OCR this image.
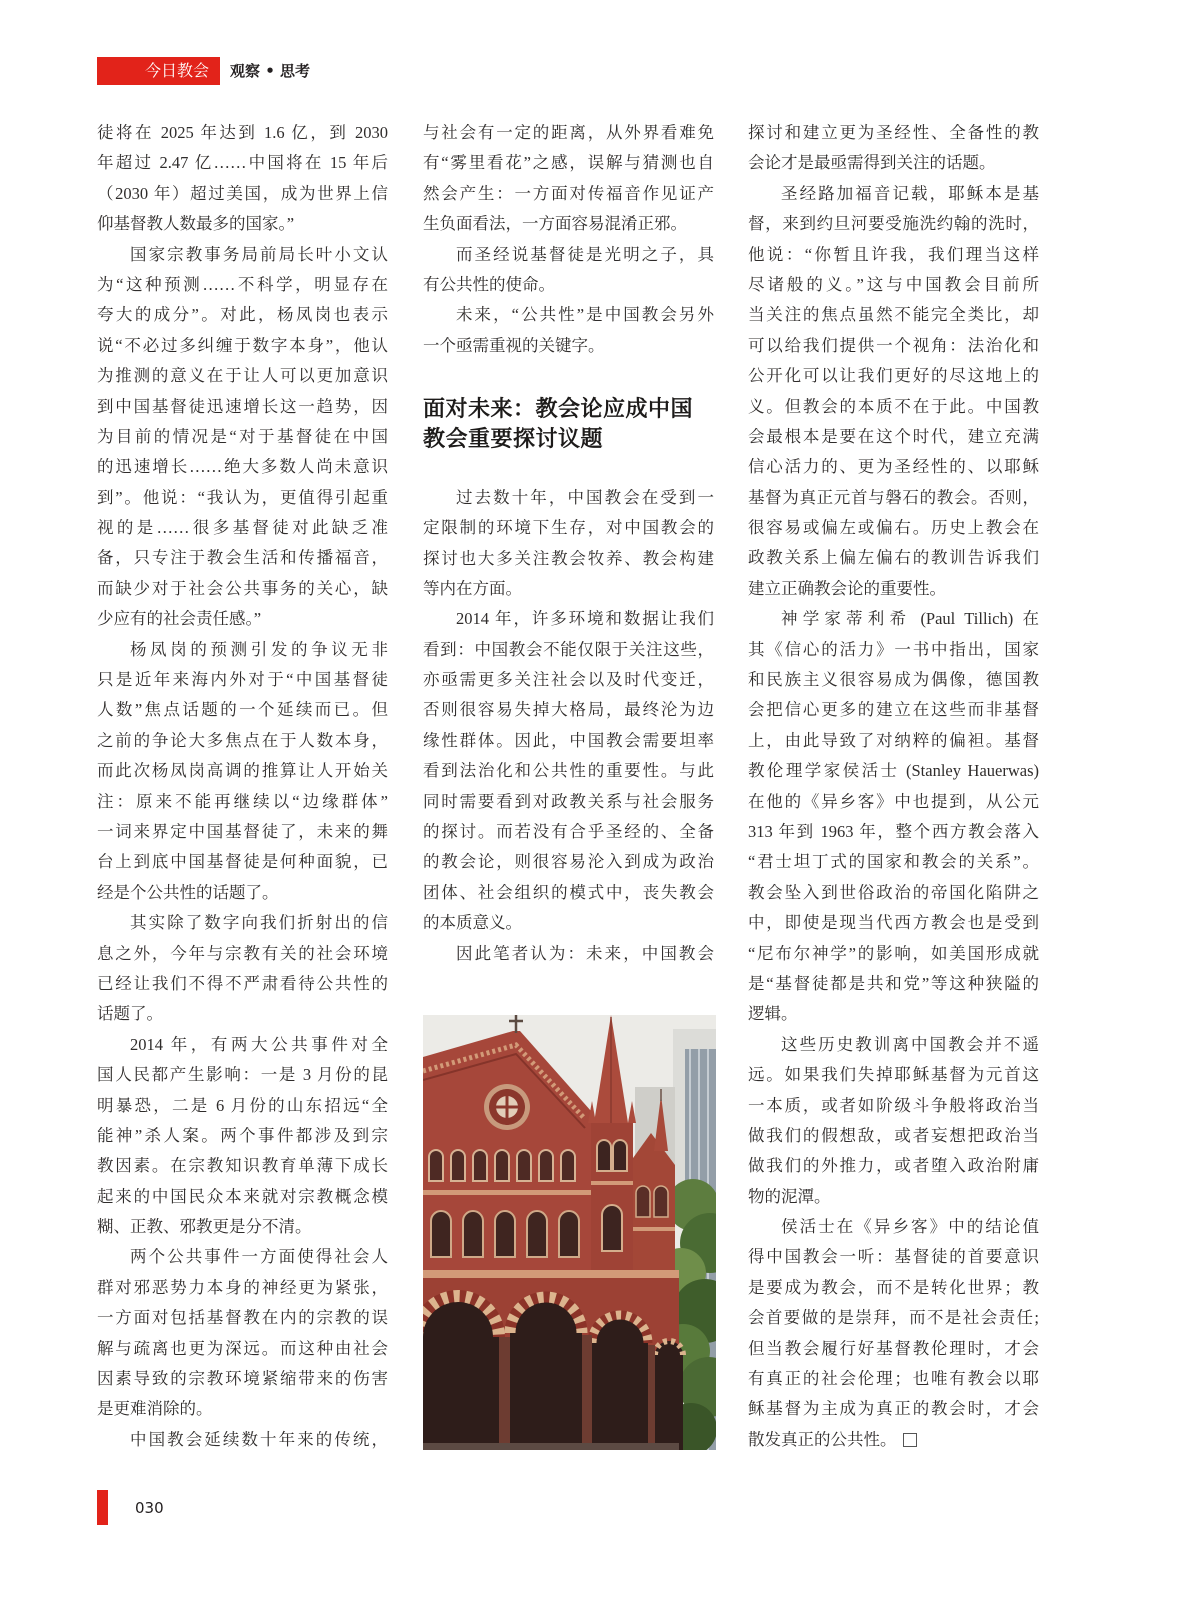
今日教会	观察 • 思考
徒将在 2025 年达到 1.6 亿，到 2030
年超过 2.47 亿……中国将在 15 年后
（2030 年）超过美国，成为世界上信
仰基督教人数最多的国家。”
国家宗教事务局前局长叶小文认
为“这种预测……不科学，明显存在
夸大的成分”。对此，杨凤岗也表示
说“不必过多纠缠于数字本身”，他认
为推测的意义在于让人可以更加意识
到中国基督徒迅速增长这一趋势，因
为目前的情况是“对于基督徒在中国
的迅速增长……绝大多数人尚未意识
到”。他说：“我认为，更值得引起重
视的是……很多基督徒对此缺乏准
备，只专注于教会生活和传播福音，
而缺少对于社会公共事务的关心，缺
少应有的社会责任感。”
杨凤岗的预测引发的争议无非
只是近年来海内外对于“中国基督徒
人数”焦点话题的一个延续而已。但
之前的争论大多焦点在于人数本身，
而此次杨凤岗高调的推算让人开始关
注：原来不能再继续以“边缘群体”
一词来界定中国基督徒了，未来的舞
台上到底中国基督徒是何种面貌，已
经是个公共性的话题了。
其实除了数字向我们折射出的信
息之外，今年与宗教有关的社会环境
已经让我们不得不严肃看待公共性的
话题了。
2014 年，有两大公共事件对全
国人民都产生影响：一是 3 月份的昆
明暴恐，二是 6 月份的山东招远“全
能神”杀人案。两个事件都涉及到宗
教因素。在宗教知识教育单薄下成长
起来的中国民众本来就对宗教概念模
糊、正教、邪教更是分不清。
两个公共事件一方面使得社会人
群对邪恶势力本身的神经更为紧张，
一方面对包括基督教在内的宗教的误
解与疏离也更为深远。而这种由社会
因素导致的宗教环境紧缩带来的伤害
是更难消除的。
中国教会延续数十年来的传统，
与社会有一定的距离，从外界看难免
有“雾里看花”之感，误解与猜测也自
然会产生：一方面对传福音作见证产
生负面看法，一方面容易混淆正邪。
而圣经说基督徒是光明之子，具
有公共性的使命。
未来，“公共性”是中国教会另外
一个亟需重视的关键字。
面对未来：教会论应成中国
教会重要探讨议题
过去数十年，中国教会在受到一
定限制的环境下生存，对中国教会的
探讨也大多关注教会牧养、教会构建
等内在方面。
2014 年，许多环境和数据让我们
看到：中国教会不能仅限于关注这些，
亦亟需更多关注社会以及时代变迁，
否则很容易失掉大格局，最终沦为边
缘性群体。因此，中国教会需要坦率
看到法治化和公共性的重要性。与此
同时需要看到对政教关系与社会服务
的探讨。而若没有合乎圣经的、全备
的教会论，则很容易沦入到成为政治
团体、社会组织的模式中，丧失教会
的本质意义。
因此笔者认为：未来，中国教会
探讨和建立更为圣经性、全备性的教
会论才是最亟需得到关注的话题。
圣经路加福音记载，耶稣本是基
督，来到约旦河要受施洗约翰的洗时，
他说：“你暂且许我，我们理当这样
尽诸般的义。”这与中国教会目前所
当关注的焦点虽然不能完全类比，却
可以给我们提供一个视角：法治化和
公开化可以让我们更好的尽这地上的
义。但教会的本质不在于此。中国教
会最根本是要在这个时代，建立充满
信心活力的、更为圣经性的、以耶稣
基督为真正元首与磐石的教会。否则，
很容易或偏左或偏右。历史上教会在
政教关系上偏左偏右的教训告诉我们
建立正确教会论的重要性。
神学家蒂利希 (Paul Tillich) 在
其《信心的活力》一书中指出，国家
和民族主义很容易成为偶像，德国教
会把信心更多的建立在这些而非基督
上，由此导致了对纳粹的偏袒。基督
教伦理学家侯活士 (Stanley Hauerwas)
在他的《异乡客》中也提到，从公元
313 年到 1963 年，整个西方教会落入
“君士坦丁式的国家和教会的关系”。
教会坠入到世俗政治的帝国化陷阱之
中，即使是现当代西方教会也是受到
“尼布尔神学”的影响，如美国形成就
是“基督徒都是共和党”等这种狭隘的
逻辑。
这些历史教训离中国教会并不遥
远。如果我们失掉耶稣基督为元首这
一本质，或者如阶级斗争般将政治当
做我们的假想敌，或者妄想把政治当
做我们的外推力，或者堕入政治附庸
物的泥潭。
侯活士在《异乡客》中的结论值
得中国教会一听：基督徒的首要意识
是要成为教会，而不是转化世界；教
会首要做的是崇拜，而不是社会责任;
但当教会履行好基督教伦理时，才会
有真正的社会伦理；也唯有教会以耶
稣基督为主成为真正的教会时，才会
散发真正的公共性。
030
